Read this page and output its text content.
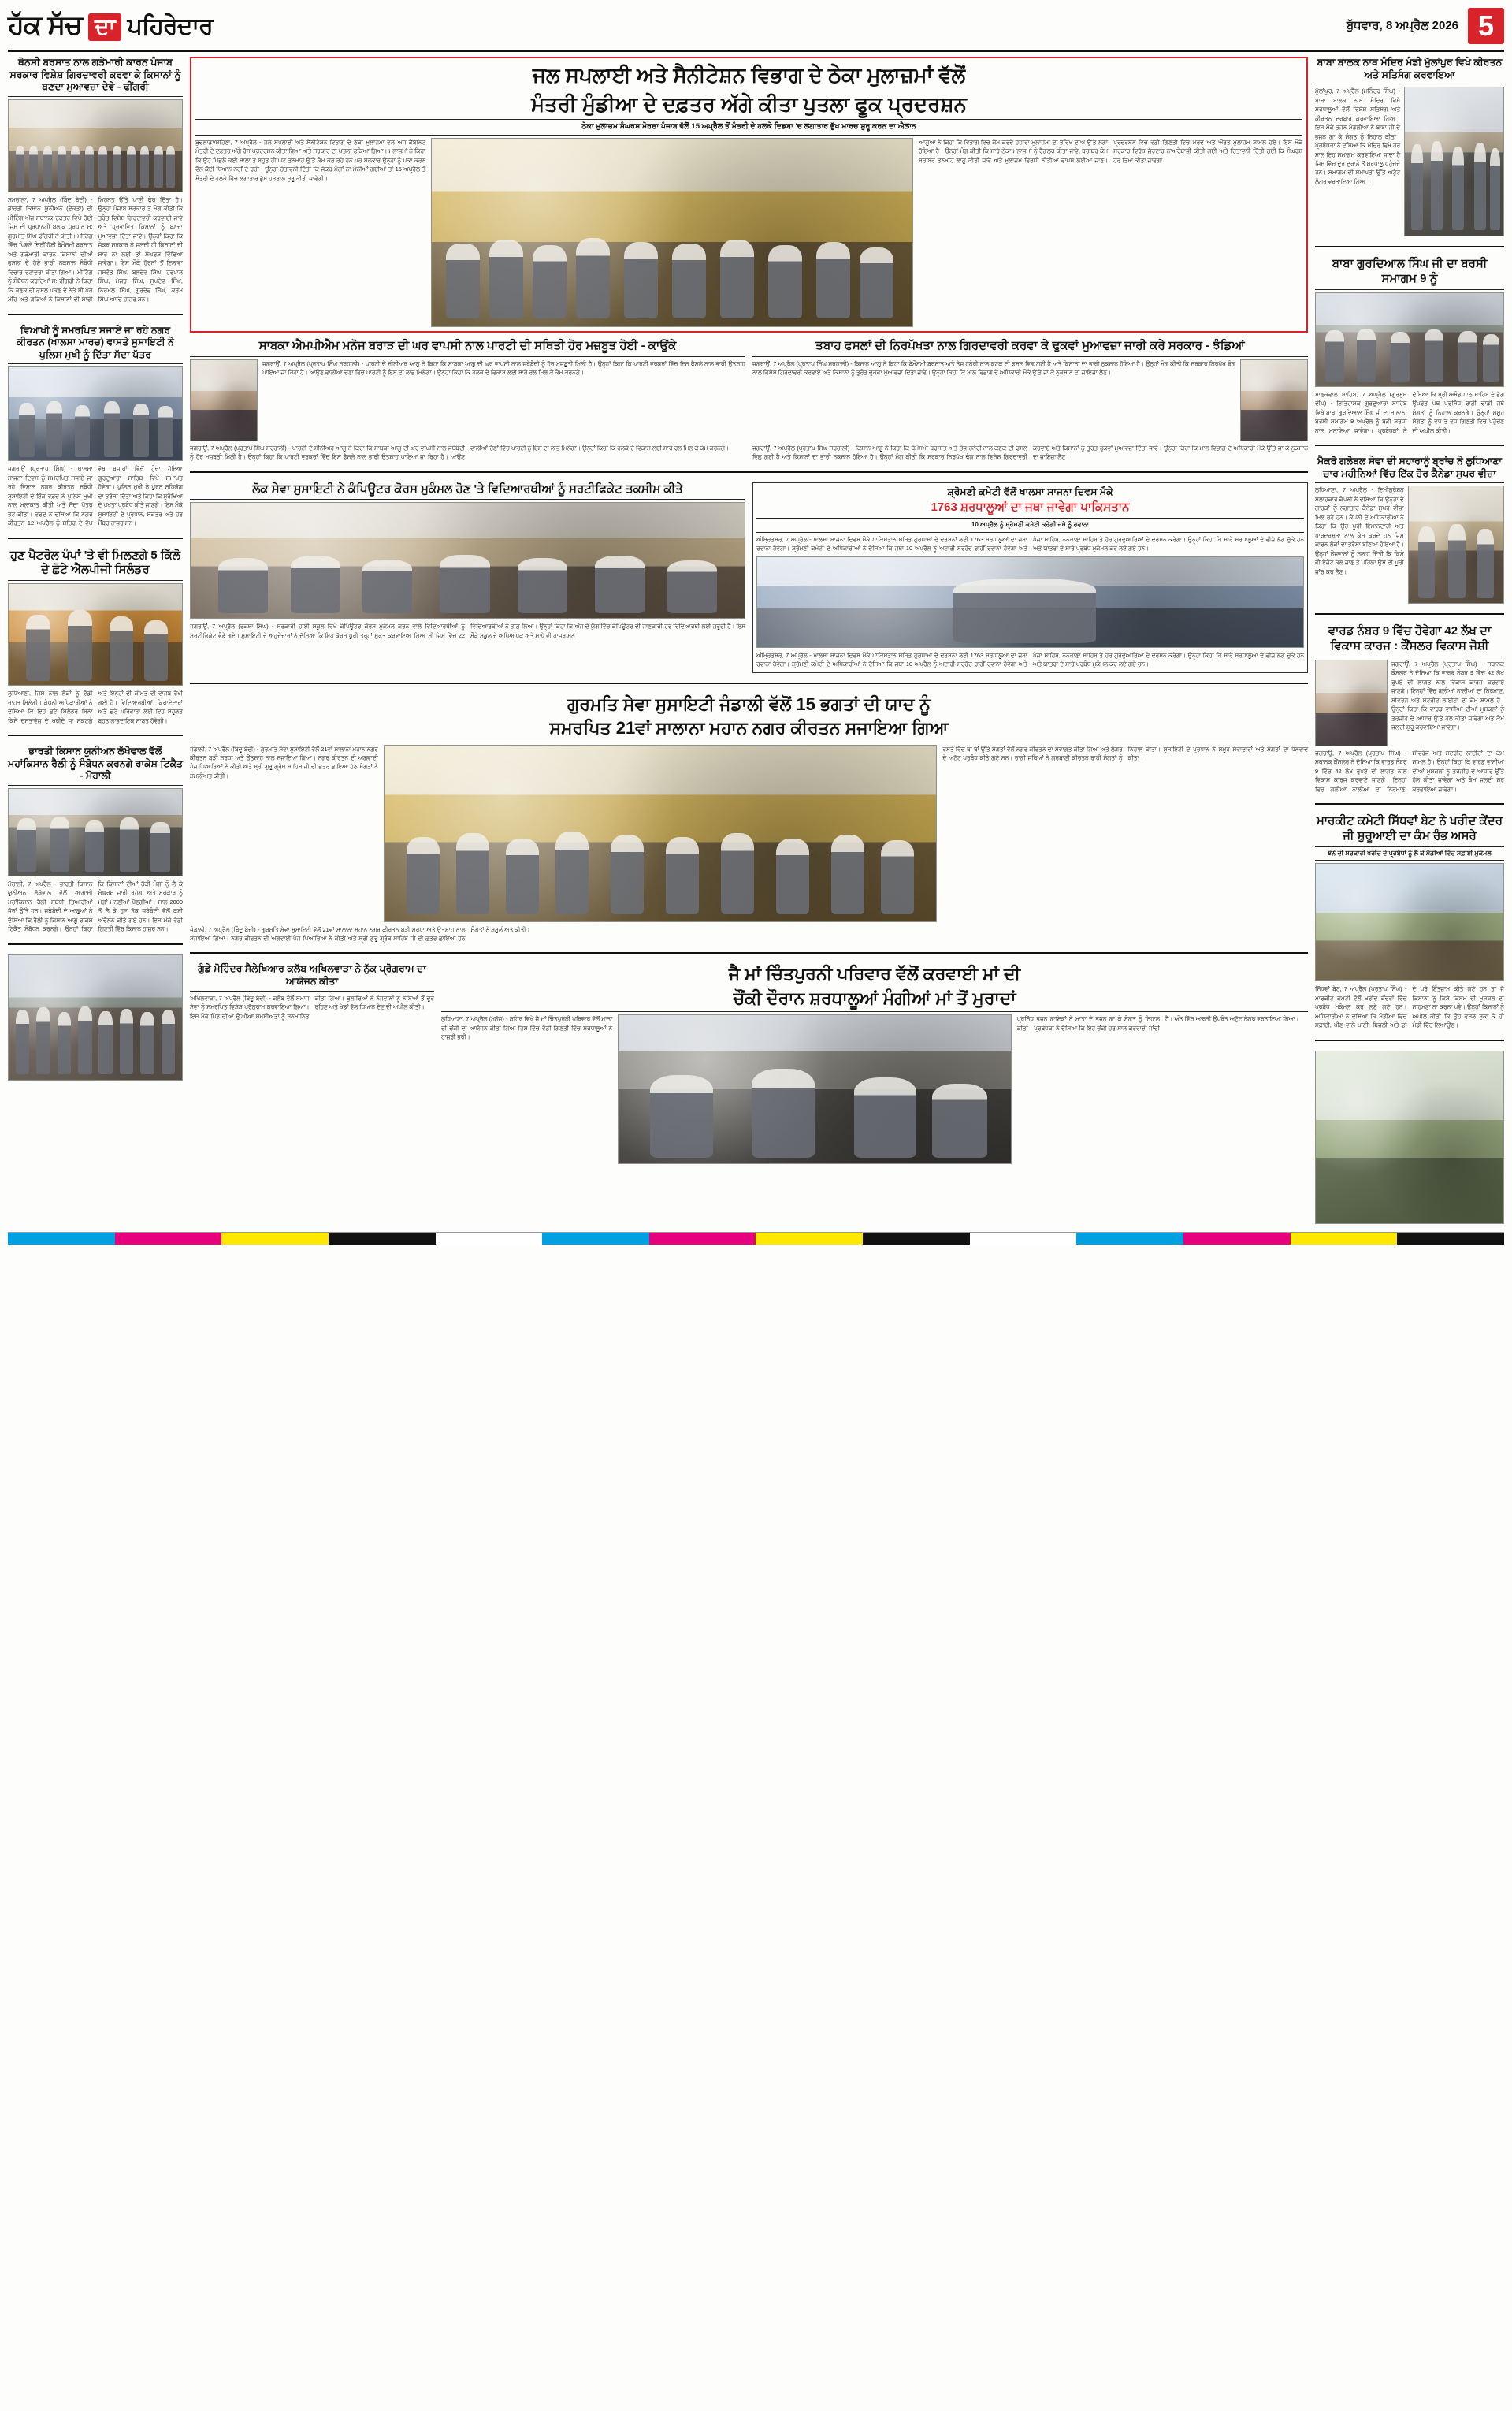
ਹੱਕ ਸੱਚ ਦਾ ਪਹਿਰੇਦਾਰ	ਬੁੱਧਵਾਰ, 8 ਅਪ੍ਰੈਲ 2026 5
ਥੋਨਸੀ ਬਰਸਾਤ ਨਾਲ ਗੜੇਮਾਰੀ ਕਾਰਨ ਪੰਜਾਬ ਸਰਕਾਰ ਵਿਸ਼ੇਸ਼ ਗਿਰਦਾਵਰੀ ਕਰਵਾ ਕੇ ਕਿਸਾਨਾਂ ਨੂੰ ਬਣਦਾ ਮੁਆਵਜ਼ਾ ਦੇਵੇ - ਢੀਂਗਰੀ
ਸਮਰਾਲਾ, 7 ਅਪ੍ਰੈਲ (ਬਿੰਦੂ ਬੇਦੀ) - ਭਾਰਤੀ ਕਿਸਾਨ ਯੂਨੀਅਨ (ਏਕਤਾ) ਦੀ ਮੀਟਿੰਗ ਅੱਜ ਸਥਾਨਕ ਦਫਤਰ ਵਿਖੇ ਹੋਈ ਜਿਸ ਦੀ ਪ੍ਰਧਾਨਗੀ ਬਲਾਕ ਪ੍ਰਧਾਨ ਸ: ਗੁਰਮੀਤ ਸਿੰਘ ਢੀਂਗਰੀ ਨੇ ਕੀਤੀ। ਮੀਟਿੰਗ ਵਿੱਚ ਪਿਛਲੇ ਦਿਨੀਂ ਹੋਈ ਬੇਮੌਸਮੀ ਬਰਸਾਤ ਅਤੇ ਗੜੇਮਾਰੀ ਕਾਰਨ ਕਿਸਾਨਾਂ ਦੀਆਂ ਫਸਲਾਂ ਦੇ ਹੋਏ ਭਾਰੀ ਨੁਕਸਾਨ ਸੰਬੰਧੀ ਵਿਚਾਰ ਵਟਾਂਦਰਾ ਕੀਤਾ ਗਿਆ। ਮੀਟਿੰਗ ਨੂੰ ਸੰਬੋਧਨ ਕਰਦਿਆਂ ਸ: ਢੀਂਗਰੀ ਨੇ ਕਿਹਾ ਕਿ ਕਣਕ ਦੀ ਫਸਲ ਪੱਕਣ ਦੇ ਨੇੜੇ ਸੀ ਪਰ ਮੀਂਹ ਅਤੇ ਗੜਿਆਂ ਨੇ ਕਿਸਾਨਾਂ ਦੀ ਸਾਰੀ ਮਿਹਨਤ ਉੱਤੇ ਪਾਣੀ ਫੇਰ ਦਿੱਤਾ ਹੈ। ਉਨ੍ਹਾਂ ਪੰਜਾਬ ਸਰਕਾਰ ਤੋਂ ਮੰਗ ਕੀਤੀ ਕਿ ਤੁਰੰਤ ਵਿਸ਼ੇਸ਼ ਗਿਰਦਾਵਰੀ ਕਰਵਾਈ ਜਾਵੇ ਅਤੇ ਪ੍ਰਭਾਵਿਤ ਕਿਸਾਨਾਂ ਨੂੰ ਬਣਦਾ ਮੁਆਵਜ਼ਾ ਦਿੱਤਾ ਜਾਵੇ। ਉਨ੍ਹਾਂ ਕਿਹਾ ਕਿ ਜੇਕਰ ਸਰਕਾਰ ਨੇ ਜਲਦੀ ਹੀ ਕਿਸਾਨਾਂ ਦੀ ਸਾਰ ਨਾ ਲਈ ਤਾਂ ਸੰਘਰਸ਼ ਵਿੱਢਿਆ ਜਾਵੇਗਾ। ਇਸ ਮੌਕੇ ਹੋਰਨਾਂ ਤੋਂ ਇਲਾਵਾ ਜਸਵੰਤ ਸਿੰਘ, ਬਲਦੇਵ ਸਿੰਘ, ਹਰਪਾਲ ਸਿੰਘ, ਮੇਜਰ ਸਿੰਘ, ਸੁਖਦੇਵ ਸਿੰਘ, ਨਿਰਮਲ ਸਿੰਘ, ਗੁਰਦੇਵ ਸਿੰਘ, ਕਰਮ ਸਿੰਘ ਆਦਿ ਹਾਜ਼ਰ ਸਨ।
ਵਿਆਖੀ ਨੂੰ ਸਮਰਪਿਤ ਸਜਾਏ ਜਾ ਰਹੇ ਨਗਰ ਕੀਰਤਨ (ਖਾਲਸਾ ਮਾਰਚ) ਵਾਸਤੇ ਸੁਸਾਇਟੀ ਨੇ ਪੁਲਿਸ ਮੁਖੀ ਨੂੰ ਦਿੱਤਾ ਸੱਦਾ ਪੱਤਰ
ਜਗਰਾਉਂ (ਪ੍ਰਤਾਪ ਸਿੰਘ) - ਖਾਲਸਾ ਸਾਜਨਾ ਦਿਵਸ ਨੂੰ ਸਮਰਪਿਤ ਸਜਾਏ ਜਾ ਰਹੇ ਵਿਸ਼ਾਲ ਨਗਰ ਕੀਰਤਨ ਸਬੰਧੀ ਸੁਸਾਇਟੀ ਦੇ ਇੱਕ ਵਫ਼ਦ ਨੇ ਪੁਲਿਸ ਮੁਖੀ ਨਾਲ ਮੁਲਾਕਾਤ ਕੀਤੀ ਅਤੇ ਸੱਦਾ ਪੱਤਰ ਭੇਟ ਕੀਤਾ। ਵਫ਼ਦ ਨੇ ਦੱਸਿਆ ਕਿ ਨਗਰ ਕੀਰਤਨ 12 ਅਪ੍ਰੈਲ ਨੂੰ ਸ਼ਹਿਰ ਦੇ ਵੱਖ ਵੱਖ ਬਜ਼ਾਰਾਂ ਵਿੱਚੋਂ ਹੁੰਦਾ ਹੋਇਆ ਗੁਰਦੁਆਰਾ ਸਾਹਿਬ ਵਿਖੇ ਸਮਾਪਤ ਹੋਵੇਗਾ। ਪੁਲਿਸ ਮੁਖੀ ਨੇ ਪੂਰਨ ਸਹਿਯੋਗ ਦਾ ਭਰੋਸਾ ਦਿੱਤਾ ਅਤੇ ਕਿਹਾ ਕਿ ਸੁਰੱਖਿਆ ਦੇ ਪੁਖਤਾ ਪ੍ਰਬੰਧ ਕੀਤੇ ਜਾਣਗੇ। ਇਸ ਮੌਕੇ ਸੁਸਾਇਟੀ ਦੇ ਪ੍ਰਧਾਨ, ਸਕੱਤਰ ਅਤੇ ਹੋਰ ਮੈਂਬਰ ਹਾਜ਼ਰ ਸਨ।
ਹੁਣ ਪੈਟਰੋਲ ਪੰਪਾਂ 'ਤੇ ਵੀ ਮਿਲਣਗੇ 5 ਕਿੱਲੋ ਦੇ ਛੋਟੇ ਐਲਪੀਜੀ ਸਿਲੰਡਰ
ਲੁਧਿਆਣਾ, ਜਿਸ ਨਾਲ ਲੋਕਾਂ ਨੂੰ ਵੱਡੀ ਰਾਹਤ ਮਿਲੇਗੀ। ਕੰਪਨੀ ਅਧਿਕਾਰੀਆਂ ਨੇ ਦੱਸਿਆ ਕਿ ਇਹ ਛੋਟੇ ਸਿਲੰਡਰ ਬਿਨਾਂ ਕਿਸੇ ਦਸਤਾਵੇਜ਼ ਦੇ ਖਰੀਦੇ ਜਾ ਸਕਣਗੇ ਅਤੇ ਇਨ੍ਹਾਂ ਦੀ ਕੀਮਤ ਵੀ ਵਾਜਬ ਰੱਖੀ ਗਈ ਹੈ। ਵਿਦਿਆਰਥੀਆਂ, ਕਿਰਾਏਦਾਰਾਂ ਅਤੇ ਛੋਟੇ ਪਰਿਵਾਰਾਂ ਲਈ ਇਹ ਸਹੂਲਤ ਬਹੁਤ ਲਾਭਦਾਇਕ ਸਾਬਤ ਹੋਵੇਗੀ।
ਭਾਰਤੀ ਕਿਸਾਨ ਯੂਨੀਅਨ ਲੱਖੋਵਾਲ ਵੱਲੋਂ ਮਹਾਂਕਿਸਾਨ ਰੈਲੀ ਨੂੰ ਸੰਬੋਧਨ ਕਰਨਗੇ ਰਾਕੇਸ਼ ਟਿਕੈਤ - ਮੋਹਾਲੀ
ਮੋਹਾਲੀ, 7 ਅਪ੍ਰੈਲ - ਭਾਰਤੀ ਕਿਸਾਨ ਯੂਨੀਅਨ ਲੱਖੋਵਾਲ ਵੱਲੋਂ ਆਗਾਮੀ ਮਹਾਂਕਿਸਾਨ ਰੈਲੀ ਸਬੰਧੀ ਤਿਆਰੀਆਂ ਜ਼ੋਰਾਂ ਉੱਤੇ ਹਨ। ਜਥੇਬੰਦੀ ਦੇ ਆਗੂਆਂ ਨੇ ਦੱਸਿਆ ਕਿ ਰੈਲੀ ਨੂੰ ਕਿਸਾਨ ਆਗੂ ਰਾਕੇਸ਼ ਟਿਕੈਤ ਸੰਬੋਧਨ ਕਰਨਗੇ। ਉਨ੍ਹਾਂ ਕਿਹਾ ਕਿ ਕਿਸਾਨਾਂ ਦੀਆਂ ਹੱਕੀ ਮੰਗਾਂ ਨੂੰ ਲੈ ਕੇ ਸੰਘਰਸ਼ ਜਾਰੀ ਰਹੇਗਾ ਅਤੇ ਸਰਕਾਰ ਨੂੰ ਮੰਗਾਂ ਮੰਨਣੀਆਂ ਪੈਣਗੀਆਂ। ਸਾਲ 2000 ਤੋਂ ਲੈ ਕੇ ਹੁਣ ਤੱਕ ਜਥੇਬੰਦੀ ਵੱਲੋਂ ਕਈ ਅੰਦੋਲਨ ਕੀਤੇ ਗਏ ਹਨ। ਇਸ ਮੌਕੇ ਵੱਡੀ ਗਿਣਤੀ ਵਿੱਚ ਕਿਸਾਨ ਹਾਜ਼ਰ ਸਨ।
ਜਲ ਸਪਲਾਈ ਅਤੇ ਸੈਨੀਟੇਸ਼ਨ ਵਿਭਾਗ ਦੇ ਠੇਕਾ ਮੁਲਾਜ਼ਮਾਂ ਵੱਲੋਂ
ਮੰਤਰੀ ਮੁੰਡੀਆ ਦੇ ਦਫ਼ਤਰ ਅੱਗੇ ਕੀਤਾ ਪੁਤਲਾ ਫੂਕ ਪ੍ਰਦਰਸ਼ਨ
ਠੇਕਾ ਮੁਲਾਜ਼ਮ ਸੰਘਰਸ਼ ਮੋਰਚਾ ਪੰਜਾਬ ਵੱਲੋਂ 15 ਅਪ੍ਰੈਲ ਤੋਂ ਮੰਤਰੀ ਦੇ ਹਲਕੇ ਦਿਡਬਾ 'ਚ ਲਗਾਤਾਰ ਭੁੱਖ ਮਾਰਚ ਸ਼ੁਰੂ ਕਰਨ ਦਾ ਐਲਾਨ
ਬੁਢਲਾਡਾ/ਸ਼ਹਿਣਾ, 7 ਅਪ੍ਰੈਲ - ਜਲ ਸਪਲਾਈ ਅਤੇ ਸੈਨੀਟੇਸ਼ਨ ਵਿਭਾਗ ਦੇ ਠੇਕਾ ਮੁਲਾਜ਼ਮਾਂ ਵੱਲੋਂ ਅੱਜ ਕੈਬਨਿਟ ਮੰਤਰੀ ਦੇ ਦਫ਼ਤਰ ਅੱਗੇ ਰੋਸ ਪ੍ਰਦਰਸ਼ਨ ਕੀਤਾ ਗਿਆ ਅਤੇ ਸਰਕਾਰ ਦਾ ਪੁਤਲਾ ਫੂਕਿਆ ਗਿਆ। ਮੁਲਾਜ਼ਮਾਂ ਨੇ ਕਿਹਾ ਕਿ ਉਹ ਪਿਛਲੇ ਕਈ ਸਾਲਾਂ ਤੋਂ ਬਹੁਤ ਹੀ ਘੱਟ ਤਨਖਾਹ ਉੱਤੇ ਕੰਮ ਕਰ ਰਹੇ ਹਨ ਪਰ ਸਰਕਾਰ ਉਨ੍ਹਾਂ ਨੂੰ ਪੱਕਾ ਕਰਨ ਵੱਲ ਕੋਈ ਧਿਆਨ ਨਹੀਂ ਦੇ ਰਹੀ। ਉਨ੍ਹਾਂ ਚੇਤਾਵਨੀ ਦਿੱਤੀ ਕਿ ਜੇਕਰ ਮੰਗਾਂ ਨਾ ਮੰਨੀਆਂ ਗਈਆਂ ਤਾਂ 15 ਅਪ੍ਰੈਲ ਤੋਂ ਮੰਤਰੀ ਦੇ ਹਲਕੇ ਵਿੱਚ ਲਗਾਤਾਰ ਭੁੱਖ ਹੜਤਾਲ ਸ਼ੁਰੂ ਕੀਤੀ ਜਾਵੇਗੀ।
ਆਗੂਆਂ ਨੇ ਕਿਹਾ ਕਿ ਵਿਭਾਗ ਵਿੱਚ ਕੰਮ ਕਰਦੇ ਹਜ਼ਾਰਾਂ ਮੁਲਾਜ਼ਮਾਂ ਦਾ ਭਵਿੱਖ ਦਾਅ ਉੱਤੇ ਲੱਗਾ ਹੋਇਆ ਹੈ। ਉਨ੍ਹਾਂ ਮੰਗ ਕੀਤੀ ਕਿ ਸਾਰੇ ਠੇਕਾ ਮੁਲਾਜ਼ਮਾਂ ਨੂੰ ਰੈਗੂਲਰ ਕੀਤਾ ਜਾਵੇ, ਬਰਾਬਰ ਕੰਮ ਬਰਾਬਰ ਤਨਖਾਹ ਲਾਗੂ ਕੀਤੀ ਜਾਵੇ ਅਤੇ ਮੁਲਾਜ਼ਮ ਵਿਰੋਧੀ ਨੀਤੀਆਂ ਵਾਪਸ ਲਈਆਂ ਜਾਣ। ਪ੍ਰਦਰਸ਼ਨ ਵਿੱਚ ਵੱਡੀ ਗਿਣਤੀ ਵਿੱਚ ਮਰਦ ਅਤੇ ਔਰਤ ਮੁਲਾਜ਼ਮ ਸ਼ਾਮਲ ਹੋਏ। ਇਸ ਮੌਕੇ ਸਰਕਾਰ ਵਿਰੁੱਧ ਜ਼ੋਰਦਾਰ ਨਾਅਰੇਬਾਜ਼ੀ ਕੀਤੀ ਗਈ ਅਤੇ ਚਿਤਾਵਨੀ ਦਿੱਤੀ ਗਈ ਕਿ ਸੰਘਰਸ਼ ਹੋਰ ਤਿੱਖਾ ਕੀਤਾ ਜਾਵੇਗਾ।
ਸਾਬਕਾ ਐਮਪੀਐਮ ਮਨੋਜ ਬਰਾੜ ਦੀ ਘਰ ਵਾਪਸੀ ਨਾਲ ਪਾਰਟੀ ਦੀ ਸਥਿਤੀ ਹੋਰ ਮਜ਼ਬੂਤ ਹੋਈ - ਕਾਉਂਕੇ
ਜਗਰਾਉਂ, 7 ਅਪ੍ਰੈਲ (ਪ੍ਰਤਾਪ ਸਿੰਘ ਸਰਹਾਲੀ) - ਪਾਰਟੀ ਦੇ ਸੀਨੀਅਰ ਆਗੂ ਨੇ ਕਿਹਾ ਕਿ ਸਾਬਕਾ ਆਗੂ ਦੀ ਘਰ ਵਾਪਸੀ ਨਾਲ ਜਥੇਬੰਦੀ ਨੂੰ ਹੋਰ ਮਜ਼ਬੂਤੀ ਮਿਲੀ ਹੈ। ਉਨ੍ਹਾਂ ਕਿਹਾ ਕਿ ਪਾਰਟੀ ਵਰਕਰਾਂ ਵਿੱਚ ਇਸ ਫੈਸਲੇ ਨਾਲ ਭਾਰੀ ਉਤਸ਼ਾਹ ਪਾਇਆ ਜਾ ਰਿਹਾ ਹੈ। ਆਉਣ ਵਾਲੀਆਂ ਚੋਣਾਂ ਵਿੱਚ ਪਾਰਟੀ ਨੂੰ ਇਸ ਦਾ ਲਾਭ ਮਿਲੇਗਾ। ਉਨ੍ਹਾਂ ਕਿਹਾ ਕਿ ਹਲਕੇ ਦੇ ਵਿਕਾਸ ਲਈ ਸਾਰੇ ਰਲ ਮਿਲ ਕੇ ਕੰਮ ਕਰਨਗੇ।
ਜਗਰਾਉਂ, 7 ਅਪ੍ਰੈਲ (ਪ੍ਰਤਾਪ ਸਿੰਘ ਸਰਹਾਲੀ) - ਪਾਰਟੀ ਦੇ ਸੀਨੀਅਰ ਆਗੂ ਨੇ ਕਿਹਾ ਕਿ ਸਾਬਕਾ ਆਗੂ ਦੀ ਘਰ ਵਾਪਸੀ ਨਾਲ ਜਥੇਬੰਦੀ ਨੂੰ ਹੋਰ ਮਜ਼ਬੂਤੀ ਮਿਲੀ ਹੈ। ਉਨ੍ਹਾਂ ਕਿਹਾ ਕਿ ਪਾਰਟੀ ਵਰਕਰਾਂ ਵਿੱਚ ਇਸ ਫੈਸਲੇ ਨਾਲ ਭਾਰੀ ਉਤਸ਼ਾਹ ਪਾਇਆ ਜਾ ਰਿਹਾ ਹੈ। ਆਉਣ ਵਾਲੀਆਂ ਚੋਣਾਂ ਵਿੱਚ ਪਾਰਟੀ ਨੂੰ ਇਸ ਦਾ ਲਾਭ ਮਿਲੇਗਾ। ਉਨ੍ਹਾਂ ਕਿਹਾ ਕਿ ਹਲਕੇ ਦੇ ਵਿਕਾਸ ਲਈ ਸਾਰੇ ਰਲ ਮਿਲ ਕੇ ਕੰਮ ਕਰਨਗੇ।
ਤਬਾਹ ਫਸਲਾਂ ਦੀ ਨਿਰਪੱਖਤਾ ਨਾਲ ਗਿਰਦਾਵਰੀ ਕਰਵਾ ਕੇ ਢੁਕਵਾਂ ਮੁਆਵਜ਼ਾ ਜਾਰੀ ਕਰੇ ਸਰਕਾਰ - ਝੰਡਿਆਂ
ਜਗਰਾਉਂ, 7 ਅਪ੍ਰੈਲ (ਪ੍ਰਤਾਪ ਸਿੰਘ ਸਰਹਾਲੀ) - ਕਿਸਾਨ ਆਗੂ ਨੇ ਕਿਹਾ ਕਿ ਬੇਮੌਸਮੀ ਬਰਸਾਤ ਅਤੇ ਤੇਜ਼ ਹਨੇਰੀ ਨਾਲ ਕਣਕ ਦੀ ਫਸਲ ਵਿਛ ਗਈ ਹੈ ਅਤੇ ਕਿਸਾਨਾਂ ਦਾ ਭਾਰੀ ਨੁਕਸਾਨ ਹੋਇਆ ਹੈ। ਉਨ੍ਹਾਂ ਮੰਗ ਕੀਤੀ ਕਿ ਸਰਕਾਰ ਨਿਰਪੱਖ ਢੰਗ ਨਾਲ ਵਿਸ਼ੇਸ਼ ਗਿਰਦਾਵਰੀ ਕਰਵਾਏ ਅਤੇ ਕਿਸਾਨਾਂ ਨੂੰ ਤੁਰੰਤ ਢੁਕਵਾਂ ਮੁਆਵਜ਼ਾ ਦਿੱਤਾ ਜਾਵੇ। ਉਨ੍ਹਾਂ ਕਿਹਾ ਕਿ ਮਾਲ ਵਿਭਾਗ ਦੇ ਅਧਿਕਾਰੀ ਮੌਕੇ ਉੱਤੇ ਜਾ ਕੇ ਨੁਕਸਾਨ ਦਾ ਜਾਇਜ਼ਾ ਲੈਣ।
ਜਗਰਾਉਂ, 7 ਅਪ੍ਰੈਲ (ਪ੍ਰਤਾਪ ਸਿੰਘ ਸਰਹਾਲੀ) - ਕਿਸਾਨ ਆਗੂ ਨੇ ਕਿਹਾ ਕਿ ਬੇਮੌਸਮੀ ਬਰਸਾਤ ਅਤੇ ਤੇਜ਼ ਹਨੇਰੀ ਨਾਲ ਕਣਕ ਦੀ ਫਸਲ ਵਿਛ ਗਈ ਹੈ ਅਤੇ ਕਿਸਾਨਾਂ ਦਾ ਭਾਰੀ ਨੁਕਸਾਨ ਹੋਇਆ ਹੈ। ਉਨ੍ਹਾਂ ਮੰਗ ਕੀਤੀ ਕਿ ਸਰਕਾਰ ਨਿਰਪੱਖ ਢੰਗ ਨਾਲ ਵਿਸ਼ੇਸ਼ ਗਿਰਦਾਵਰੀ ਕਰਵਾਏ ਅਤੇ ਕਿਸਾਨਾਂ ਨੂੰ ਤੁਰੰਤ ਢੁਕਵਾਂ ਮੁਆਵਜ਼ਾ ਦਿੱਤਾ ਜਾਵੇ। ਉਨ੍ਹਾਂ ਕਿਹਾ ਕਿ ਮਾਲ ਵਿਭਾਗ ਦੇ ਅਧਿਕਾਰੀ ਮੌਕੇ ਉੱਤੇ ਜਾ ਕੇ ਨੁਕਸਾਨ ਦਾ ਜਾਇਜ਼ਾ ਲੈਣ।
ਲੋਕ ਸੇਵਾ ਸੁਸਾਇਟੀ ਨੇ ਕੰਪਿਊਟਰ ਕੋਰਸ ਮੁਕੰਮਲ ਹੋਣ 'ਤੇ ਵਿਦਿਆਰਥੀਆਂ ਨੂੰ ਸਰਟੀਫਿਕੇਟ ਤਕਸੀਮ ਕੀਤੇ
ਜਗਰਾਉਂ, 7 ਅਪ੍ਰੈਲ (ਰਕਸ਼ਾ ਸਿੰਘ) - ਸਰਕਾਰੀ ਹਾਈ ਸਕੂਲ ਵਿਖੇ ਕੰਪਿਊਟਰ ਕੋਰਸ ਮੁਕੰਮਲ ਕਰਨ ਵਾਲੇ ਵਿਦਿਆਰਥੀਆਂ ਨੂੰ ਸਰਟੀਫਿਕੇਟ ਵੰਡੇ ਗਏ। ਸੁਸਾਇਟੀ ਦੇ ਅਹੁਦੇਦਾਰਾਂ ਨੇ ਦੱਸਿਆ ਕਿ ਇਹ ਕੋਰਸ ਪੂਰੀ ਤਰ੍ਹਾਂ ਮੁਫ਼ਤ ਕਰਵਾਇਆ ਗਿਆ ਸੀ ਜਿਸ ਵਿੱਚ 22 ਵਿਦਿਆਰਥੀਆਂ ਨੇ ਭਾਗ ਲਿਆ। ਉਨ੍ਹਾਂ ਕਿਹਾ ਕਿ ਅੱਜ ਦੇ ਯੁੱਗ ਵਿੱਚ ਕੰਪਿਊਟਰ ਦੀ ਜਾਣਕਾਰੀ ਹਰ ਵਿਦਿਆਰਥੀ ਲਈ ਜ਼ਰੂਰੀ ਹੈ। ਇਸ ਮੌਕੇ ਸਕੂਲ ਦੇ ਅਧਿਆਪਕ ਅਤੇ ਮਾਪੇ ਵੀ ਹਾਜ਼ਰ ਸਨ।
ਸ਼੍ਰੋਮਣੀ ਕਮੇਟੀ ਵੱਲੋਂ ਖਾਲਸਾ ਸਾਜਨਾ ਦਿਵਸ ਮੌਕੇ
1763 ਸ਼ਰਧਾਲੂਆਂ ਦਾ ਜਥਾ ਜਾਵੇਗਾ ਪਾਕਿਸਤਾਨ
10 ਅਪ੍ਰੈਲ ਨੂੰ ਸ਼੍ਰੋਮਣੀ ਕਮੇਟੀ ਕਰੇਗੀ ਜਥੇ ਨੂੰ ਰਵਾਨਾ
ਅੰਮ੍ਰਿਤਸਰ, 7 ਅਪ੍ਰੈਲ - ਖਾਲਸਾ ਸਾਜਨਾ ਦਿਵਸ ਮੌਕੇ ਪਾਕਿਸਤਾਨ ਸਥਿਤ ਗੁਰਧਾਮਾਂ ਦੇ ਦਰਸ਼ਨਾਂ ਲਈ 1763 ਸ਼ਰਧਾਲੂਆਂ ਦਾ ਜਥਾ ਰਵਾਨਾ ਹੋਵੇਗਾ। ਸ਼੍ਰੋਮਣੀ ਕਮੇਟੀ ਦੇ ਅਧਿਕਾਰੀਆਂ ਨੇ ਦੱਸਿਆ ਕਿ ਜਥਾ 10 ਅਪ੍ਰੈਲ ਨੂੰ ਅਟਾਰੀ ਸਰਹੱਦ ਰਾਹੀਂ ਰਵਾਨਾ ਹੋਵੇਗਾ ਅਤੇ ਪੰਜਾ ਸਾਹਿਬ, ਨਨਕਾਣਾ ਸਾਹਿਬ ਤੇ ਹੋਰ ਗੁਰਦੁਆਰਿਆਂ ਦੇ ਦਰਸ਼ਨ ਕਰੇਗਾ। ਉਨ੍ਹਾਂ ਕਿਹਾ ਕਿ ਸਾਰੇ ਸ਼ਰਧਾਲੂਆਂ ਦੇ ਵੀਜ਼ੇ ਲੱਗ ਚੁੱਕੇ ਹਨ ਅਤੇ ਯਾਤਰਾ ਦੇ ਸਾਰੇ ਪ੍ਰਬੰਧ ਮੁਕੰਮਲ ਕਰ ਲਏ ਗਏ ਹਨ।
ਅੰਮ੍ਰਿਤਸਰ, 7 ਅਪ੍ਰੈਲ - ਖਾਲਸਾ ਸਾਜਨਾ ਦਿਵਸ ਮੌਕੇ ਪਾਕਿਸਤਾਨ ਸਥਿਤ ਗੁਰਧਾਮਾਂ ਦੇ ਦਰਸ਼ਨਾਂ ਲਈ 1763 ਸ਼ਰਧਾਲੂਆਂ ਦਾ ਜਥਾ ਰਵਾਨਾ ਹੋਵੇਗਾ। ਸ਼੍ਰੋਮਣੀ ਕਮੇਟੀ ਦੇ ਅਧਿਕਾਰੀਆਂ ਨੇ ਦੱਸਿਆ ਕਿ ਜਥਾ 10 ਅਪ੍ਰੈਲ ਨੂੰ ਅਟਾਰੀ ਸਰਹੱਦ ਰਾਹੀਂ ਰਵਾਨਾ ਹੋਵੇਗਾ ਅਤੇ ਪੰਜਾ ਸਾਹਿਬ, ਨਨਕਾਣਾ ਸਾਹਿਬ ਤੇ ਹੋਰ ਗੁਰਦੁਆਰਿਆਂ ਦੇ ਦਰਸ਼ਨ ਕਰੇਗਾ। ਉਨ੍ਹਾਂ ਕਿਹਾ ਕਿ ਸਾਰੇ ਸ਼ਰਧਾਲੂਆਂ ਦੇ ਵੀਜ਼ੇ ਲੱਗ ਚੁੱਕੇ ਹਨ ਅਤੇ ਯਾਤਰਾ ਦੇ ਸਾਰੇ ਪ੍ਰਬੰਧ ਮੁਕੰਮਲ ਕਰ ਲਏ ਗਏ ਹਨ।
ਗੁਰਮਤਿ ਸੇਵਾ ਸੁਸਾਇਟੀ ਜੰਡਾਲੀ ਵੱਲੋਂ 15 ਭਗਤਾਂ ਦੀ ਯਾਦ ਨੂੰ
ਸਮਰਪਿਤ 21ਵਾਂ ਸਾਲਾਨਾ ਮਹਾਨ ਨਗਰ ਕੀਰਤਨ ਸਜਾਇਆ ਗਿਆ
ਜੰਡਾਲੀ, 7 ਅਪ੍ਰੈਲ (ਬਿੰਦੂ ਬੇਦੀ) - ਗੁਰਮਤਿ ਸੇਵਾ ਸੁਸਾਇਟੀ ਵੱਲੋਂ 21ਵਾਂ ਸਾਲਾਨਾ ਮਹਾਨ ਨਗਰ ਕੀਰਤਨ ਬੜੀ ਸ਼ਰਧਾ ਅਤੇ ਉਤਸ਼ਾਹ ਨਾਲ ਸਜਾਇਆ ਗਿਆ। ਨਗਰ ਕੀਰਤਨ ਦੀ ਅਗਵਾਈ ਪੰਜ ਪਿਆਰਿਆਂ ਨੇ ਕੀਤੀ ਅਤੇ ਸ੍ਰੀ ਗੁਰੂ ਗ੍ਰੰਥ ਸਾਹਿਬ ਜੀ ਦੀ ਛਤਰ ਛਾਇਆ ਹੇਠ ਸੰਗਤਾਂ ਨੇ ਸ਼ਮੂਲੀਅਤ ਕੀਤੀ।
ਰਸਤੇ ਵਿੱਚ ਥਾਂ ਥਾਂ ਉੱਤੇ ਸੰਗਤਾਂ ਵੱਲੋਂ ਨਗਰ ਕੀਰਤਨ ਦਾ ਸਵਾਗਤ ਕੀਤਾ ਗਿਆ ਅਤੇ ਲੰਗਰ ਦੇ ਅਟੁੱਟ ਪ੍ਰਬੰਧ ਕੀਤੇ ਗਏ ਸਨ। ਰਾਗੀ ਜਥਿਆਂ ਨੇ ਗੁਰਬਾਣੀ ਕੀਰਤਨ ਰਾਹੀਂ ਸੰਗਤਾਂ ਨੂੰ ਨਿਹਾਲ ਕੀਤਾ। ਸੁਸਾਇਟੀ ਦੇ ਪ੍ਰਧਾਨ ਨੇ ਸਮੂਹ ਸੇਵਾਦਾਰਾਂ ਅਤੇ ਸੰਗਤਾਂ ਦਾ ਧੰਨਵਾਦ ਕੀਤਾ।
ਜੰਡਾਲੀ, 7 ਅਪ੍ਰੈਲ (ਬਿੰਦੂ ਬੇਦੀ) - ਗੁਰਮਤਿ ਸੇਵਾ ਸੁਸਾਇਟੀ ਵੱਲੋਂ 21ਵਾਂ ਸਾਲਾਨਾ ਮਹਾਨ ਨਗਰ ਕੀਰਤਨ ਬੜੀ ਸ਼ਰਧਾ ਅਤੇ ਉਤਸ਼ਾਹ ਨਾਲ ਸਜਾਇਆ ਗਿਆ। ਨਗਰ ਕੀਰਤਨ ਦੀ ਅਗਵਾਈ ਪੰਜ ਪਿਆਰਿਆਂ ਨੇ ਕੀਤੀ ਅਤੇ ਸ੍ਰੀ ਗੁਰੂ ਗ੍ਰੰਥ ਸਾਹਿਬ ਜੀ ਦੀ ਛਤਰ ਛਾਇਆ ਹੇਠ ਸੰਗਤਾਂ ਨੇ ਸ਼ਮੂਲੀਅਤ ਕੀਤੀ।
ਗੁੰਡੇ ਮੋਹਿੰਦਰ ਸੈਲੇਖਿਆਰ ਕਲੱਬ ਅਖਿਲਵਾੜਾ ਨੇ ਨੁੱਕ ਪ੍ਰੋਗਰਾਮ ਦਾ ਆਯੋਜਨ ਕੀਤਾ
ਅਖਿਲਵਾੜਾ, 7 ਅਪ੍ਰੈਲ (ਬਿੰਦੂ ਬੇਦੀ) - ਕਲੱਬ ਵੱਲੋਂ ਸਮਾਜ ਸੇਵਾ ਨੂੰ ਸਮਰਪਿਤ ਵਿਸ਼ੇਸ਼ ਪ੍ਰੋਗਰਾਮ ਕਰਵਾਇਆ ਗਿਆ। ਇਸ ਮੌਕੇ ਪਿੰਡ ਦੀਆਂ ਉੱਘੀਆਂ ਸ਼ਖ਼ਸੀਅਤਾਂ ਨੂੰ ਸਨਮਾਨਿਤ ਕੀਤਾ ਗਿਆ। ਬੁਲਾਰਿਆਂ ਨੇ ਨੌਜਵਾਨਾਂ ਨੂੰ ਨਸ਼ਿਆਂ ਤੋਂ ਦੂਰ ਰਹਿਣ ਅਤੇ ਖੇਡਾਂ ਵੱਲ ਧਿਆਨ ਦੇਣ ਦੀ ਅਪੀਲ ਕੀਤੀ।
ਜੈ ਮਾਂ ਚਿੰਤਪੁਰਨੀ ਪਰਿਵਾਰ ਵੱਲੋਂ ਕਰਵਾਈ ਮਾਂ ਦੀ
ਚੌਂਕੀ ਦੌਰਾਨ ਸ਼ਰਧਾਲੂਆਂ ਮੰਗੀਆਂ ਮਾਂ ਤੋਂ ਮੁਰਾਦਾਂ
ਲੁਧਿਆਣਾ, 7 ਅਪ੍ਰੈਲ (ਮਨੋਜ) - ਸ਼ਹਿਰ ਵਿਖੇ ਜੈ ਮਾਂ ਚਿੰਤਪੁਰਨੀ ਪਰਿਵਾਰ ਵੱਲੋਂ ਮਾਤਾ ਦੀ ਚੌਂਕੀ ਦਾ ਆਯੋਜਨ ਕੀਤਾ ਗਿਆ ਜਿਸ ਵਿੱਚ ਵੱਡੀ ਗਿਣਤੀ ਵਿੱਚ ਸ਼ਰਧਾਲੂਆਂ ਨੇ ਹਾਜ਼ਰੀ ਭਰੀ।
ਪ੍ਰਸਿੱਧ ਭਜਨ ਗਾਇਕਾਂ ਨੇ ਮਾਤਾ ਦੇ ਭਜਨ ਗਾ ਕੇ ਸੰਗਤ ਨੂੰ ਨਿਹਾਲ ਕੀਤਾ। ਪ੍ਰਬੰਧਕਾਂ ਨੇ ਦੱਸਿਆ ਕਿ ਇਹ ਚੌਂਕੀ ਹਰ ਸਾਲ ਕਰਵਾਈ ਜਾਂਦੀ ਹੈ। ਅੰਤ ਵਿੱਚ ਆਰਤੀ ਉਪਰੰਤ ਅਟੁੱਟ ਲੰਗਰ ਵਰਤਾਇਆ ਗਿਆ।
ਬਾਬਾ ਬਾਲਕ ਨਾਥ ਮੰਦਿਰ ਮੰਡੀ ਮੁੱਲਾਂਪੁਰ ਵਿਖੇ ਕੀਰਤਨ ਅਤੇ ਸਤਿਸੰਗ ਕਰਵਾਇਆ
ਮੁੱਲਾਂਪੁਰ, 7 ਅਪ੍ਰੈਲ (ਮਨਿੰਦਰ ਸਿੰਘ) - ਬਾਬਾ ਬਾਲਕ ਨਾਥ ਮੰਦਿਰ ਵਿਖੇ ਸ਼ਰਧਾਲੂਆਂ ਵੱਲੋਂ ਵਿਸ਼ੇਸ਼ ਸਤਿਸੰਗ ਅਤੇ ਕੀਰਤਨ ਦਰਬਾਰ ਕਰਵਾਇਆ ਗਿਆ। ਇਸ ਮੌਕੇ ਭਜਨ ਮੰਡਲੀਆਂ ਨੇ ਬਾਬਾ ਜੀ ਦੇ ਭਜਨ ਗਾ ਕੇ ਸੰਗਤ ਨੂੰ ਨਿਹਾਲ ਕੀਤਾ। ਪ੍ਰਬੰਧਕਾਂ ਨੇ ਦੱਸਿਆ ਕਿ ਮੰਦਿਰ ਵਿਖੇ ਹਰ ਸਾਲ ਇਹ ਸਮਾਗਮ ਕਰਵਾਇਆ ਜਾਂਦਾ ਹੈ ਜਿਸ ਵਿੱਚ ਦੂਰ ਦੁਰਾਡੇ ਤੋਂ ਸ਼ਰਧਾਲੂ ਪਹੁੰਚਦੇ ਹਨ। ਸਮਾਗਮ ਦੀ ਸਮਾਪਤੀ ਉੱਤੇ ਅਟੁੱਟ ਲੰਗਰ ਵਰਤਾਇਆ ਗਿਆ।
ਬਾਬਾ ਗੁਰਦਿਆਲ ਸਿੰਘ ਜੀ ਦਾ ਬਰਸੀ ਸਮਾਗਮ 9 ਨੂੰ
ਮਾਣਕਵਾਲ ਸਾਹਿਬ, 7 ਅਪ੍ਰੈਲ (ਗੁਰਮੁਖ ਦੀਪ) - ਇਤਿਹਾਸਕ ਗੁਰਦੁਆਰਾ ਸਾਹਿਬ ਵਿਖੇ ਬਾਬਾ ਗੁਰਦਿਆਲ ਸਿੰਘ ਜੀ ਦਾ ਸਾਲਾਨਾ ਬਰਸੀ ਸਮਾਗਮ 9 ਅਪ੍ਰੈਲ ਨੂੰ ਬੜੀ ਸ਼ਰਧਾ ਨਾਲ ਮਨਾਇਆ ਜਾਵੇਗਾ। ਪ੍ਰਬੰਧਕਾਂ ਨੇ ਦੱਸਿਆ ਕਿ ਸ੍ਰੀ ਅਖੰਡ ਪਾਠ ਸਾਹਿਬ ਦੇ ਭੋਗ ਉਪਰੰਤ ਪੰਥ ਪ੍ਰਸਿੱਧ ਰਾਗੀ ਢਾਡੀ ਜਥੇ ਸੰਗਤਾਂ ਨੂੰ ਨਿਹਾਲ ਕਰਨਗੇ। ਉਨ੍ਹਾਂ ਸਮੂਹ ਸੰਗਤਾਂ ਨੂੰ ਵੱਧ ਤੋਂ ਵੱਧ ਗਿਣਤੀ ਵਿੱਚ ਪਹੁੰਚਣ ਦੀ ਅਪੀਲ ਕੀਤੀ।
ਮੈਕਰੋ ਗਲੋਬਲ ਸੇਵਾ ਦੀ ਸਹਾਰਾਨੂੰ ਬ੍ਰਾਂਚ ਨੇ ਲੁਧਿਆਣਾ ਚਾਰ ਮਹੀਨਿਆਂ ਵਿੱਚ ਇੱਕ ਹੋਰ ਕੈਨੇਡਾ ਸੁਪਰ ਵੀਜ਼ਾ
ਲੁਧਿਆਣਾ, 7 ਅਪ੍ਰੈਲ - ਇਮੀਗ੍ਰੇਸ਼ਨ ਸਲਾਹਕਾਰ ਕੰਪਨੀ ਨੇ ਦੱਸਿਆ ਕਿ ਉਨ੍ਹਾਂ ਦੇ ਗਾਹਕਾਂ ਨੂੰ ਲਗਾਤਾਰ ਕੈਨੇਡਾ ਸੁਪਰ ਵੀਜ਼ਾ ਮਿਲ ਰਹੇ ਹਨ। ਕੰਪਨੀ ਦੇ ਅਧਿਕਾਰੀਆਂ ਨੇ ਕਿਹਾ ਕਿ ਉਹ ਪੂਰੀ ਇਮਾਨਦਾਰੀ ਅਤੇ ਪਾਰਦਰਸ਼ਤਾ ਨਾਲ ਕੰਮ ਕਰਦੇ ਹਨ ਜਿਸ ਕਾਰਨ ਲੋਕਾਂ ਦਾ ਭਰੋਸਾ ਬਣਿਆ ਹੋਇਆ ਹੈ। ਉਨ੍ਹਾਂ ਨੌਜਵਾਨਾਂ ਨੂੰ ਸਲਾਹ ਦਿੱਤੀ ਕਿ ਕਿਸੇ ਵੀ ਏਜੰਟ ਕੋਲ ਜਾਣ ਤੋਂ ਪਹਿਲਾਂ ਉਸ ਦੀ ਪੂਰੀ ਜਾਂਚ ਕਰ ਲੈਣ।
ਵਾਰਡ ਨੰਬਰ 9 ਵਿੱਚ ਹੋਵੇਗਾ 42 ਲੱਖ ਦਾ ਵਿਕਾਸ ਕਾਰਜ : ਕੌਂਸਲਰ ਵਿਕਾਸ ਜੋਸ਼ੀ
ਜਗਰਾਉਂ, 7 ਅਪ੍ਰੈਲ (ਪ੍ਰਤਾਪ ਸਿੰਘ) - ਸਥਾਨਕ ਕੌਂਸਲਰ ਨੇ ਦੱਸਿਆ ਕਿ ਵਾਰਡ ਨੰਬਰ 9 ਵਿੱਚ 42 ਲੱਖ ਰੁਪਏ ਦੀ ਲਾਗਤ ਨਾਲ ਵਿਕਾਸ ਕਾਰਜ ਕਰਵਾਏ ਜਾਣਗੇ। ਇਨ੍ਹਾਂ ਵਿੱਚ ਗਲੀਆਂ ਨਾਲੀਆਂ ਦਾ ਨਿਰਮਾਣ, ਸੀਵਰੇਜ ਅਤੇ ਸਟਰੀਟ ਲਾਈਟਾਂ ਦਾ ਕੰਮ ਸ਼ਾਮਲ ਹੈ। ਉਨ੍ਹਾਂ ਕਿਹਾ ਕਿ ਵਾਰਡ ਵਾਸੀਆਂ ਦੀਆਂ ਮੁਸ਼ਕਲਾਂ ਨੂੰ ਤਰਜੀਹ ਦੇ ਆਧਾਰ ਉੱਤੇ ਹੱਲ ਕੀਤਾ ਜਾਵੇਗਾ ਅਤੇ ਕੰਮ ਜਲਦੀ ਸ਼ੁਰੂ ਕਰਵਾਇਆ ਜਾਵੇਗਾ।
ਜਗਰਾਉਂ, 7 ਅਪ੍ਰੈਲ (ਪ੍ਰਤਾਪ ਸਿੰਘ) - ਸਥਾਨਕ ਕੌਂਸਲਰ ਨੇ ਦੱਸਿਆ ਕਿ ਵਾਰਡ ਨੰਬਰ 9 ਵਿੱਚ 42 ਲੱਖ ਰੁਪਏ ਦੀ ਲਾਗਤ ਨਾਲ ਵਿਕਾਸ ਕਾਰਜ ਕਰਵਾਏ ਜਾਣਗੇ। ਇਨ੍ਹਾਂ ਵਿੱਚ ਗਲੀਆਂ ਨਾਲੀਆਂ ਦਾ ਨਿਰਮਾਣ, ਸੀਵਰੇਜ ਅਤੇ ਸਟਰੀਟ ਲਾਈਟਾਂ ਦਾ ਕੰਮ ਸ਼ਾਮਲ ਹੈ। ਉਨ੍ਹਾਂ ਕਿਹਾ ਕਿ ਵਾਰਡ ਵਾਸੀਆਂ ਦੀਆਂ ਮੁਸ਼ਕਲਾਂ ਨੂੰ ਤਰਜੀਹ ਦੇ ਆਧਾਰ ਉੱਤੇ ਹੱਲ ਕੀਤਾ ਜਾਵੇਗਾ ਅਤੇ ਕੰਮ ਜਲਦੀ ਸ਼ੁਰੂ ਕਰਵਾਇਆ ਜਾਵੇਗਾ।
ਮਾਰਕੀਟ ਕਮੇਟੀ ਸਿੱਧਵਾਂ ਬੇਟ ਨੇ ਖਰੀਦ ਕੇਂਦਰ ਜੀ ਸ਼ੁਰੂਆਈ ਦਾ ਕੰਮ ਰੰਭ ਅਸਰੇ
ਝੋਨੇ ਦੀ ਸਰਕਾਰੀ ਖਰੀਦ ਦੇ ਪ੍ਰਬੰਧਾਂ ਨੂੰ ਲੈ ਕੇ ਮੰਡੀਆਂ ਵਿੱਚ ਸਫ਼ਾਈ ਮੁਕੰਮਲ
ਸਿੱਧਵਾਂ ਬੇਟ, 7 ਅਪ੍ਰੈਲ (ਪ੍ਰਤਾਪ ਸਿੰਘ) - ਮਾਰਕੀਟ ਕਮੇਟੀ ਵੱਲੋਂ ਖਰੀਦ ਕੇਂਦਰਾਂ ਵਿੱਚ ਪ੍ਰਬੰਧ ਮੁਕੰਮਲ ਕਰ ਲਏ ਗਏ ਹਨ। ਅਧਿਕਾਰੀਆਂ ਨੇ ਦੱਸਿਆ ਕਿ ਮੰਡੀਆਂ ਵਿੱਚ ਸਫ਼ਾਈ, ਪੀਣ ਵਾਲੇ ਪਾਣੀ, ਬਿਜਲੀ ਅਤੇ ਛਾਂ ਦੇ ਪੂਰੇ ਇੰਤਜ਼ਾਮ ਕੀਤੇ ਗਏ ਹਨ ਤਾਂ ਜੋ ਕਿਸਾਨਾਂ ਨੂੰ ਕਿਸੇ ਕਿਸਮ ਦੀ ਮੁਸ਼ਕਲ ਦਾ ਸਾਹਮਣਾ ਨਾ ਕਰਨਾ ਪਵੇ। ਉਨ੍ਹਾਂ ਕਿਸਾਨਾਂ ਨੂੰ ਅਪੀਲ ਕੀਤੀ ਕਿ ਉਹ ਫਸਲ ਸੁਕਾ ਕੇ ਹੀ ਮੰਡੀ ਵਿੱਚ ਲਿਆਉਣ।
